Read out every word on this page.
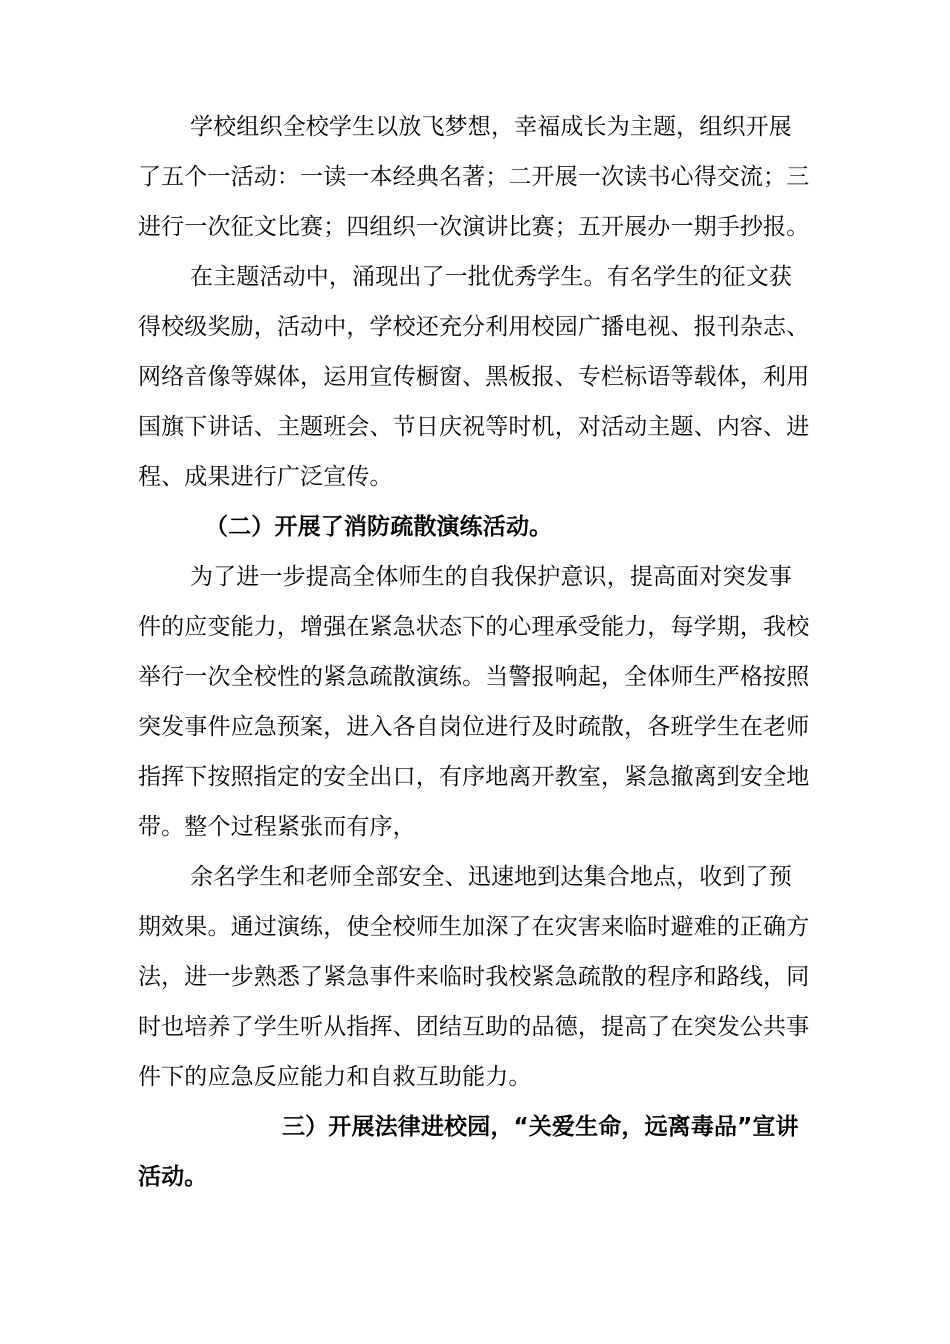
学校组织全校学生以放飞梦想，幸福成长为主题，组织开展
了五个一活动：一读一本经典名著；二开展一次读书心得交流；三
进行一次征文比赛；四组织一次演讲比赛；五开展办一期手抄报。
在主题活动中，涌现出了一批优秀学生。有名学生的征文获
得校级奖励，活动中，学校还充分利用校园广播电视、报刊杂志、
网络音像等媒体，运用宣传橱窗、黑板报、专栏标语等载体，利用
国旗下讲话、主题班会、节日庆祝等时机，对活动主题、内容、进
程、成果进行广泛宣传。
（二）开展了消防疏散演练活动。
为了进一步提高全体师生的自我保护意识，提高面对突发事
件的应变能力，增强在紧急状态下的心理承受能力，每学期，我校
举行一次全校性的紧急疏散演练。当警报响起，全体师生严格按照
突发事件应急预案，进入各自岗位进行及时疏散，各班学生在老师
指挥下按照指定的安全出口，有序地离开教室，紧急撤离到安全地
带。整个过程紧张而有序，
余名学生和老师全部安全、迅速地到达集合地点，收到了预
期效果。通过演练，使全校师生加深了在灾害来临时避难的正确方
法，进一步熟悉了紧急事件来临时我校紧急疏散的程序和路线，同
时也培养了学生听从指挥、团结互助的品德，提高了在突发公共事
件下的应急反应能力和自救互助能力。
三）开展法律进校园，“关爱生命，远离毒品”宣讲
活动。
